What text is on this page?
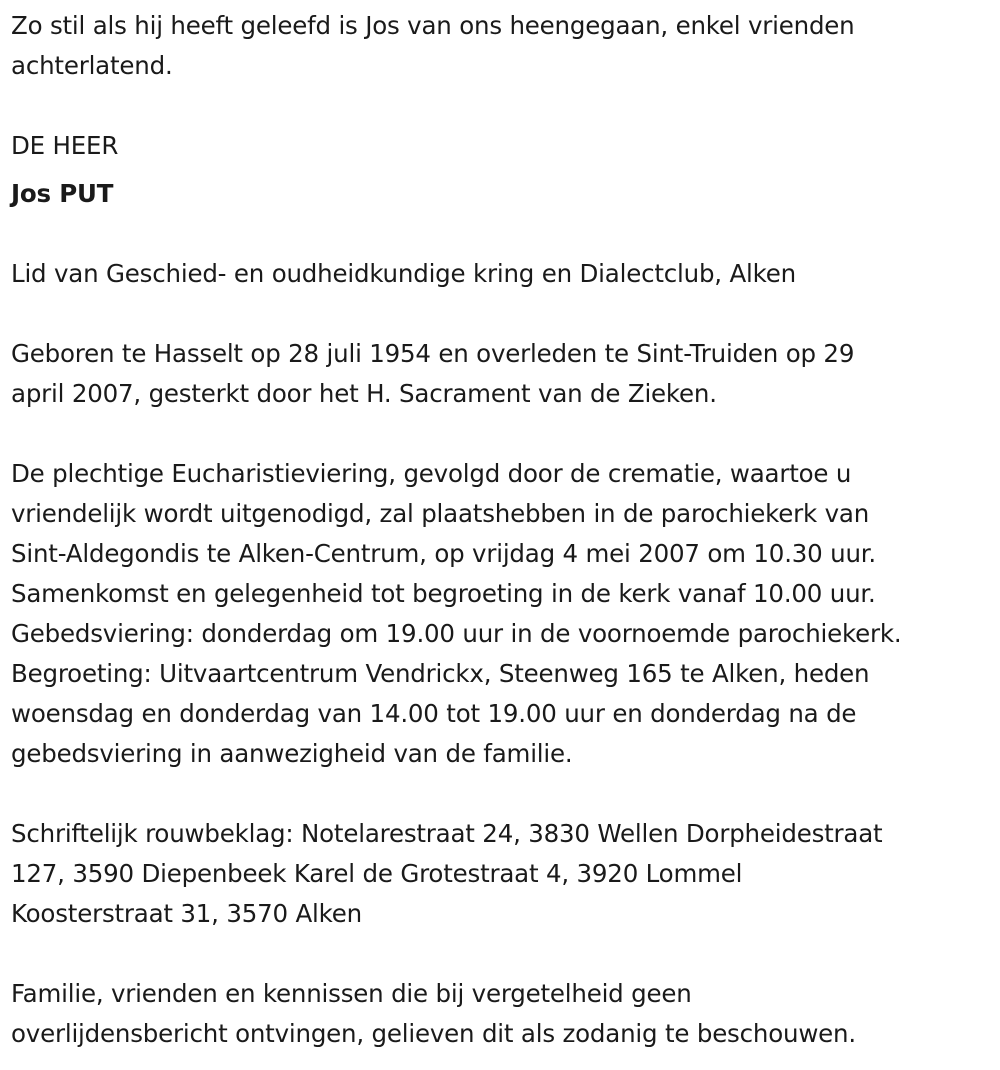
Zo stil als hij heeft geleefd is Jos van ons heengegaan, enkel vrienden
achterlatend.

DE HEER
Jos PUT

Lid van Geschied- en oudheidkundige kring en Dialectclub, Alken

Geboren te Hasselt op 28 juli 1954 en overleden te Sint-Truiden op 29
april 2007, gesterkt door het H. Sacrament van de Zieken.

De plechtige Eucharistieviering, gevolgd door de crematie, waartoe u
vriendelijk wordt uitgenodigd, zal plaatshebben in de parochiekerk van
Sint-Aldegondis te Alken-Centrum, op vrijdag 4 mei 2007 om 10.30 uur.
Samenkomst en gelegenheid tot begroeting in de kerk vanaf 10.00 uur.
Gebedsviering: donderdag om 19.00 uur in de voornoemde parochiekerk.
Begroeting: Uitvaartcentrum Vendrickx, Steenweg 165 te Alken, heden
woensdag en donderdag van 14.00 tot 19.00 uur en donderdag na de
gebedsviering in aanwezigheid van de familie.

Schriftelijk rouwbeklag: Notelarestraat 24, 3830 Wellen Dorpheidestraat
127, 3590 Diepenbeek Karel de Grotestraat 4, 3920 Lommel
Koosterstraat 31, 3570 Alken

Familie, vrienden en kennissen die bij vergetelheid geen
overlijdensbericht ontvingen, gelieven dit als zodanig te beschouwen.
